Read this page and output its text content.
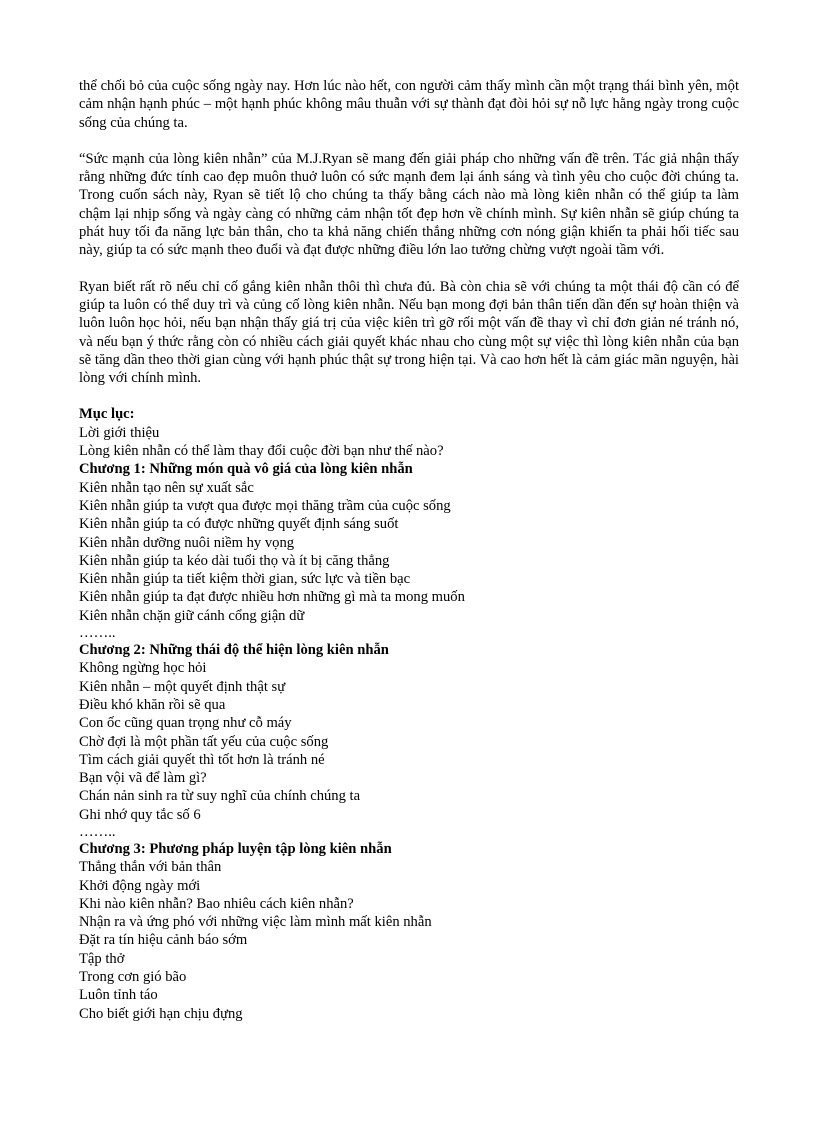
thể chối bỏ của cuộc sống ngày nay. Hơn lúc nào hết, con người cảm thấy mình cần một trạng thái bình yên, một cảm nhận hạnh phúc – một hạnh phúc không mâu thuẫn với sự thành đạt đòi hỏi sự nỗ lực hằng ngày trong cuộc sống của chúng ta.

“Sức mạnh của lòng kiên nhẫn” của M.J.Ryan sẽ mang đến giải pháp cho những vấn đề trên. Tác giả nhận thấy rằng những đức tính cao đẹp muôn thuở luôn có sức mạnh đem lại ánh sáng và tình yêu cho cuộc đời chúng ta. Trong cuốn sách này, Ryan sẽ tiết lộ cho chúng ta thấy bằng cách nào mà lòng kiên nhẫn có thể giúp ta làm chậm lại nhịp sống và ngày càng có những cảm nhận tốt đẹp hơn về chính mình. Sự kiên nhẫn sẽ giúp chúng ta phát huy tối đa năng lực bản thân, cho ta khả năng chiến thắng những cơn nóng giận khiến ta phải hối tiếc sau này, giúp ta có sức mạnh theo đuổi và đạt được những điều lớn lao tưởng chừng vượt ngoài tầm với.

Ryan biết rất rõ nếu chỉ cố gắng kiên nhẫn thôi thì chưa đủ. Bà còn chia sẽ với chúng ta một thái độ cần có để giúp ta luôn có thể duy trì và củng cố lòng kiên nhẫn. Nếu bạn mong đợi bản thân tiến dần đến sự hoàn thiện và luôn luôn học hỏi, nếu bạn nhận thấy giá trị của việc kiên trì gỡ rối một vấn đề thay vì chỉ đơn giản né tránh nó, và nếu bạn ý thức rằng còn có nhiều cách giải quyết khác nhau cho cùng một sự việc thì lòng kiên nhẫn của bạn sẽ tăng dần theo thời gian cùng với hạnh phúc thật sự trong hiện tại. Và cao hơn hết là cảm giác mãn nguyện, hài lòng với chính mình.

Mục lục:
Lời giới thiệu
Lòng kiên nhẫn có thể làm thay đổi cuộc đời bạn như thế nào?
Chương 1: Những món quà vô giá của lòng kiên nhẫn
Kiên nhẫn tạo nên sự xuất sắc
Kiên nhẫn giúp ta vượt qua được mọi thăng trầm của cuộc sống
Kiên nhẫn giúp ta có được những quyết định sáng suốt
Kiên nhẫn dưỡng nuôi niềm hy vọng
Kiên nhẫn giúp ta kéo dài tuổi thọ và ít bị căng thẳng
Kiên nhẫn giúp ta tiết kiệm thời gian, sức lực và tiền bạc
Kiên nhẫn giúp ta đạt được nhiều hơn những gì mà ta mong muốn
Kiên nhẫn chặn giữ cánh cổng giận dữ
……..
Chương 2: Những thái độ thể hiện lòng kiên nhẫn
Không ngừng học hỏi
Kiên nhẫn – một quyết định thật sự
Điều khó khăn rồi sẽ qua
Con ốc cũng quan trọng như cỗ máy
Chờ đợi là một phần tất yếu của cuộc sống
Tìm cách giải quyết thì tốt hơn là tránh né
Bạn vội vã để làm gì?
Chán nản sinh ra từ suy nghĩ của chính chúng ta
Ghi nhớ quy tắc số 6
……..
Chương 3: Phương pháp luyện tập lòng kiên nhẫn
Thẳng thắn với bản thân
Khởi động ngày mới
Khi nào kiên nhẫn? Bao nhiêu cách kiên nhẫn?
Nhận ra và ứng phó với những việc làm mình mất kiên nhẫn
Đặt ra tín hiệu cảnh báo sớm
Tập thở
Trong cơn gió bão
Luôn tỉnh táo
Cho biết giới hạn chịu đựng
